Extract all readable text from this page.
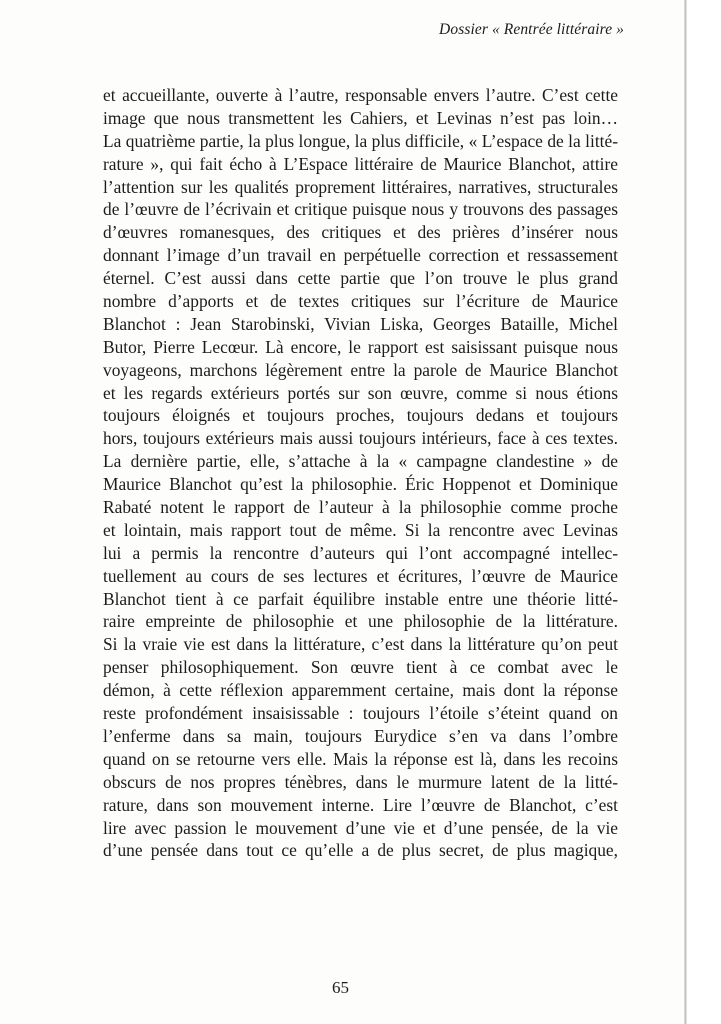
Dossier « Rentrée littéraire »
et accueillante, ouverte à l’autre, responsable envers l’autre. C’est cette
image que nous transmettent les Cahiers, et Levinas n’est pas loin…
La quatrième partie, la plus longue, la plus difficile, « L’espace de la litté-
rature », qui fait écho à L’Espace littéraire de Maurice Blanchot, attire
l’attention sur les qualités proprement littéraires, narratives, structurales
de l’œuvre de l’écrivain et critique puisque nous y trouvons des passages
d’œuvres romanesques, des critiques et des prières d’insérer nous
donnant l’image d’un travail en perpétuelle correction et ressassement
éternel. C’est aussi dans cette partie que l’on trouve le plus grand
nombre d’apports et de textes critiques sur l’écriture de Maurice
Blanchot : Jean Starobinski, Vivian Liska, Georges Bataille, Michel
Butor, Pierre Lecœur. Là encore, le rapport est saisissant puisque nous
voyageons, marchons légèrement entre la parole de Maurice Blanchot
et les regards extérieurs portés sur son œuvre, comme si nous étions
toujours éloignés et toujours proches, toujours dedans et toujours
hors, toujours extérieurs mais aussi toujours intérieurs, face à ces textes.
La dernière partie, elle, s’attache à la « campagne clandestine » de
Maurice Blanchot qu’est la philosophie. Éric Hoppenot et Dominique
Rabaté notent le rapport de l’auteur à la philosophie comme proche
et lointain, mais rapport tout de même. Si la rencontre avec Levinas
lui a permis la rencontre d’auteurs qui l’ont accompagné intellec-
tuellement au cours de ses lectures et écritures, l’œuvre de Maurice
Blanchot tient à ce parfait équilibre instable entre une théorie litté-
raire empreinte de philosophie et une philosophie de la littérature.
Si la vraie vie est dans la littérature, c’est dans la littérature qu’on peut
penser philosophiquement. Son œuvre tient à ce combat avec le
démon, à cette réflexion apparemment certaine, mais dont la réponse
reste profondément insaisissable : toujours l’étoile s’éteint quand on
l’enferme dans sa main, toujours Eurydice s’en va dans l’ombre
quand on se retourne vers elle. Mais la réponse est là, dans les recoins
obscurs de nos propres ténèbres, dans le murmure latent de la litté-
rature, dans son mouvement interne. Lire l’œuvre de Blanchot, c’est
lire avec passion le mouvement d’une vie et d’une pensée, de la vie
d’une pensée dans tout ce qu’elle a de plus secret, de plus magique,
65
